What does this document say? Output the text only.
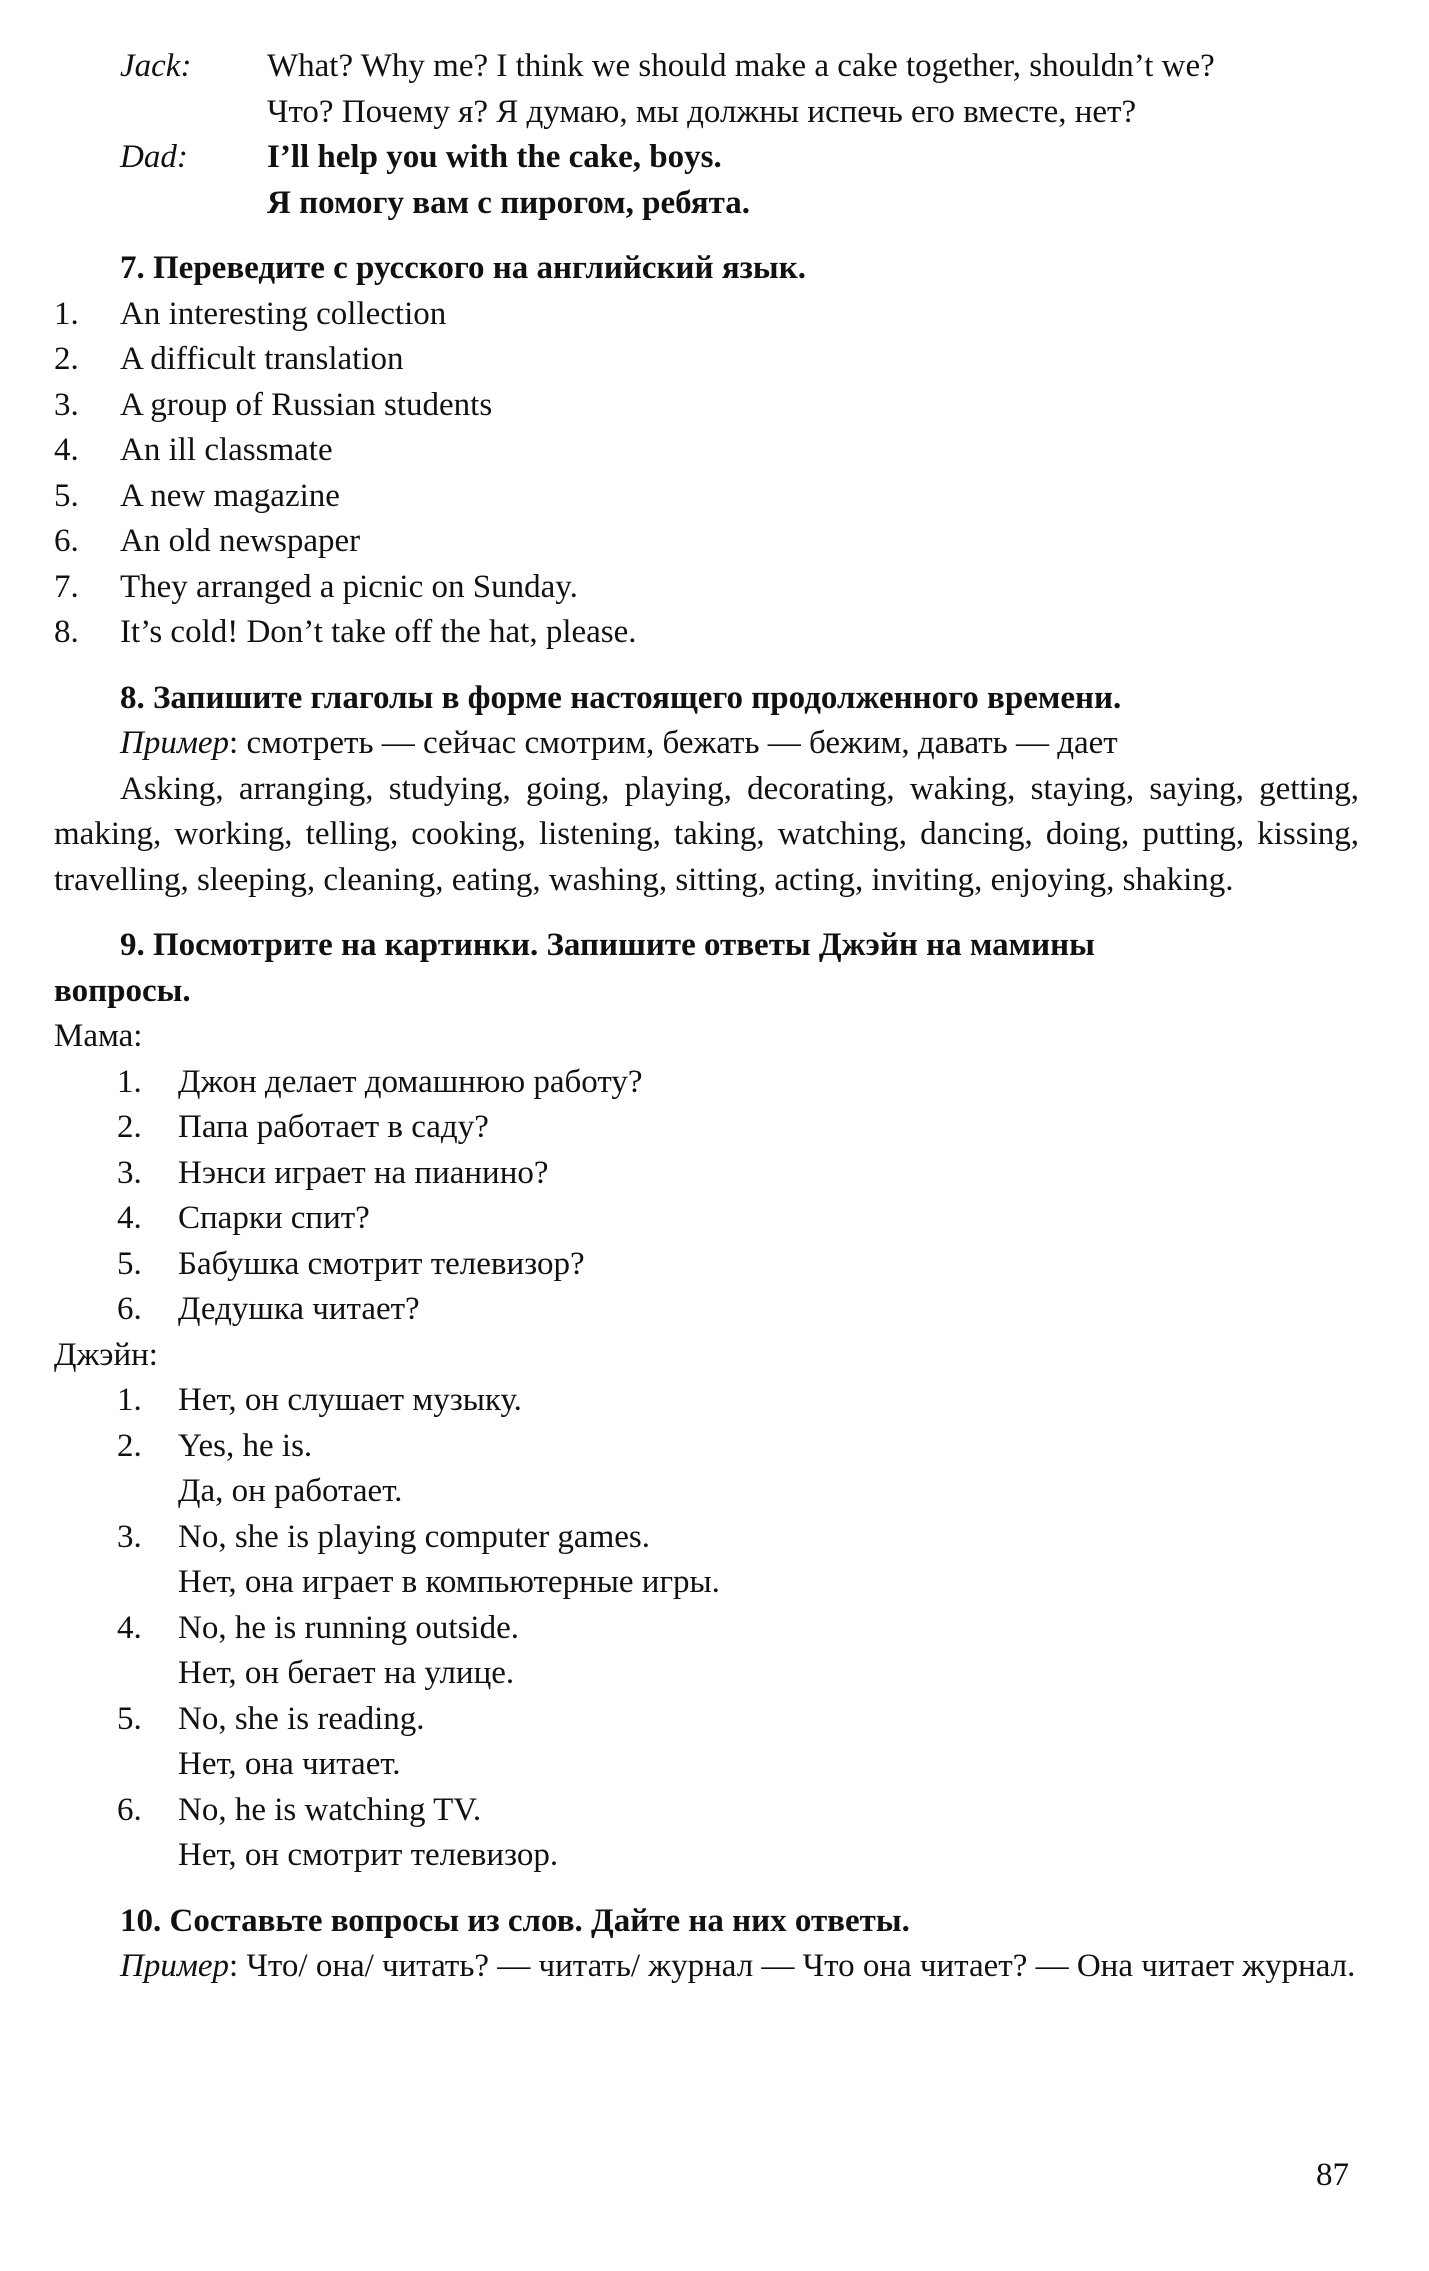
Jack:	What? Why me? I think we should make a cake together, shouldn’t we?
Что? Почему я? Я думаю, мы должны испечь его вместе, нет?
Dad:	I’ll help you with the cake, boys.
Я помогу вам с пирогом, ребята.
7. Переведите с русского на английский язык.
1.	An interesting collection
2.	A difficult translation
3.	A group of Russian students
4.	An ill classmate
5.	A new magazine
6.	An old newspaper
7.	They arranged a picnic on Sunday.
8.	It’s cold! Don’t take off the hat, please.
8. Запишите глаголы в форме настоящего продолженного времени.
Пример: смотреть — сейчас смотрим, бежать — бежим, давать — дает
Asking, arranging, studying, going, playing, decorating, waking, staying, saying, getting, making, working, telling, cooking, listening, taking, watching, dancing, doing, putting, kissing, travelling, sleeping, cleaning, eating, washing, sitting, acting, inviting, enjoying, shaking.
9. Посмотрите на картинки. Запишите ответы Джэйн на мамины
вопросы.
Мама:
1.	Джон делает домашнюю работу?
2.	Папа работает в саду?
3.	Нэнси играет на пианино?
4.	Спарки спит?
5.	Бабушка смотрит телевизор?
6.	Дедушка читает?
Джэйн:
1.	Нет, он слушает музыку.
2.	Yes, he is.
Да, он работает.
3.	No, she is playing computer games.
Нет, она играет в компьютерные игры.
4.	No, he is running outside.
Нет, он бегает на улице.
5.	No, she is reading.
Нет, она читает.
6.	No, he is watching TV.
Нет, он смотрит телевизор.
10. Составьте вопросы из слов. Дайте на них ответы.
Пример: Что/ она/ читать? — читать/ журнал — Что она читает? — Она читает журнал.
87
